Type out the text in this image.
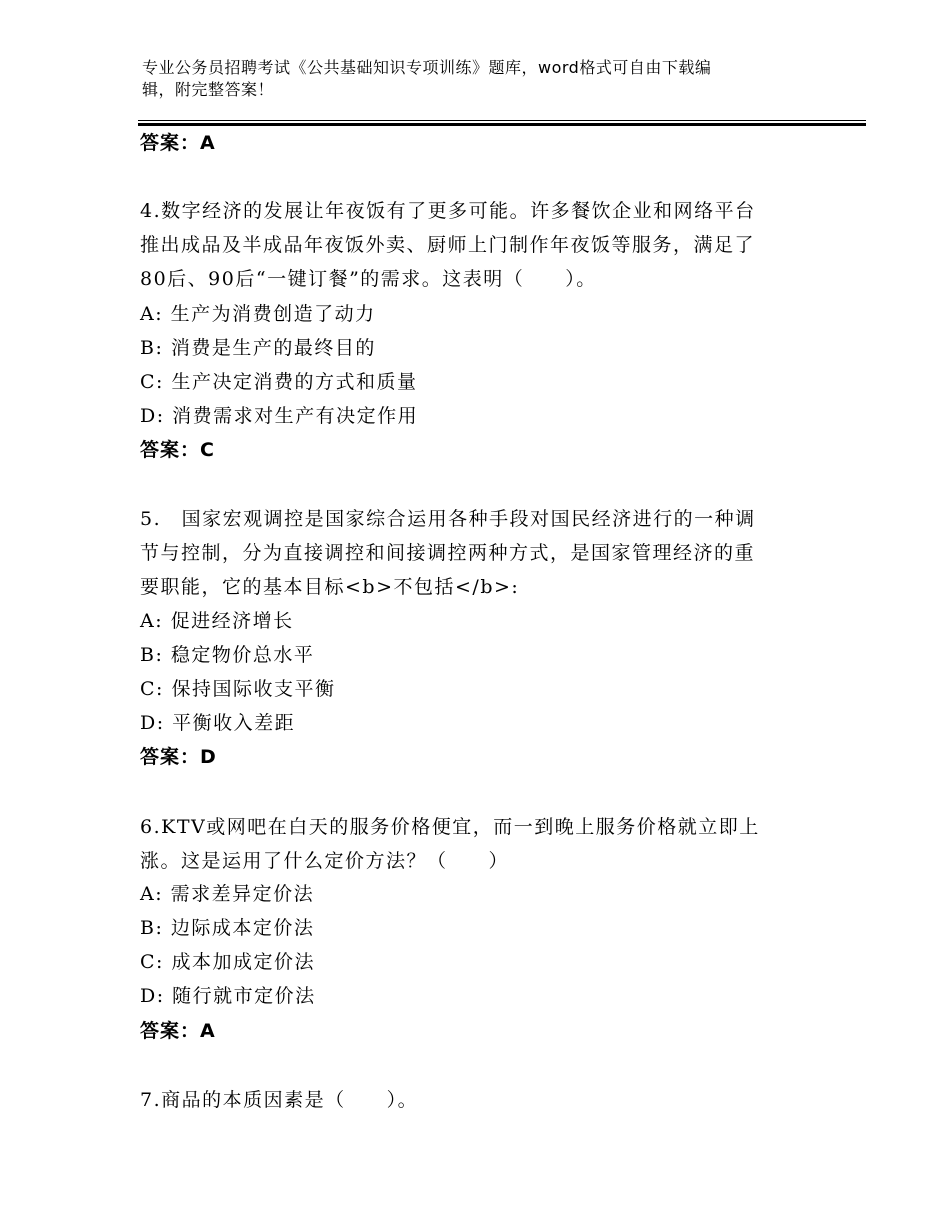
专业公务员招聘考试《公共基础知识专项训练》题库，word格式可自由下载编
辑，附完整答案！
答案：A
4.数字经济的发展让年夜饭有了更多可能。许多餐饮企业和网络平台
推出成品及半成品年夜饭外卖、厨师上门制作年夜饭等服务，满足了
80后、90后“一键订餐”的需求。这表明（　　）。
A: 生产为消费创造了动力
B: 消费是生产的最终目的
C: 生产决定消费的方式和质量
D: 消费需求对生产有决定作用
答案：C
5.　国家宏观调控是国家综合运用各种手段对国民经济进行的一种调
节与控制，分为直接调控和间接调控两种方式，是国家管理经济的重
要职能，它的基本目标<b>不包括</b>:
A: 促进经济增长
B: 稳定物价总水平
C: 保持国际收支平衡
D: 平衡收入差距
答案：D
6.KTV或网吧在白天的服务价格便宜，而一到晚上服务价格就立即上
涨。这是运用了什么定价方法？（　　）
A: 需求差异定价法
B: 边际成本定价法
C: 成本加成定价法
D: 随行就市定价法
答案：A
7.商品的本质因素是（　　）。
